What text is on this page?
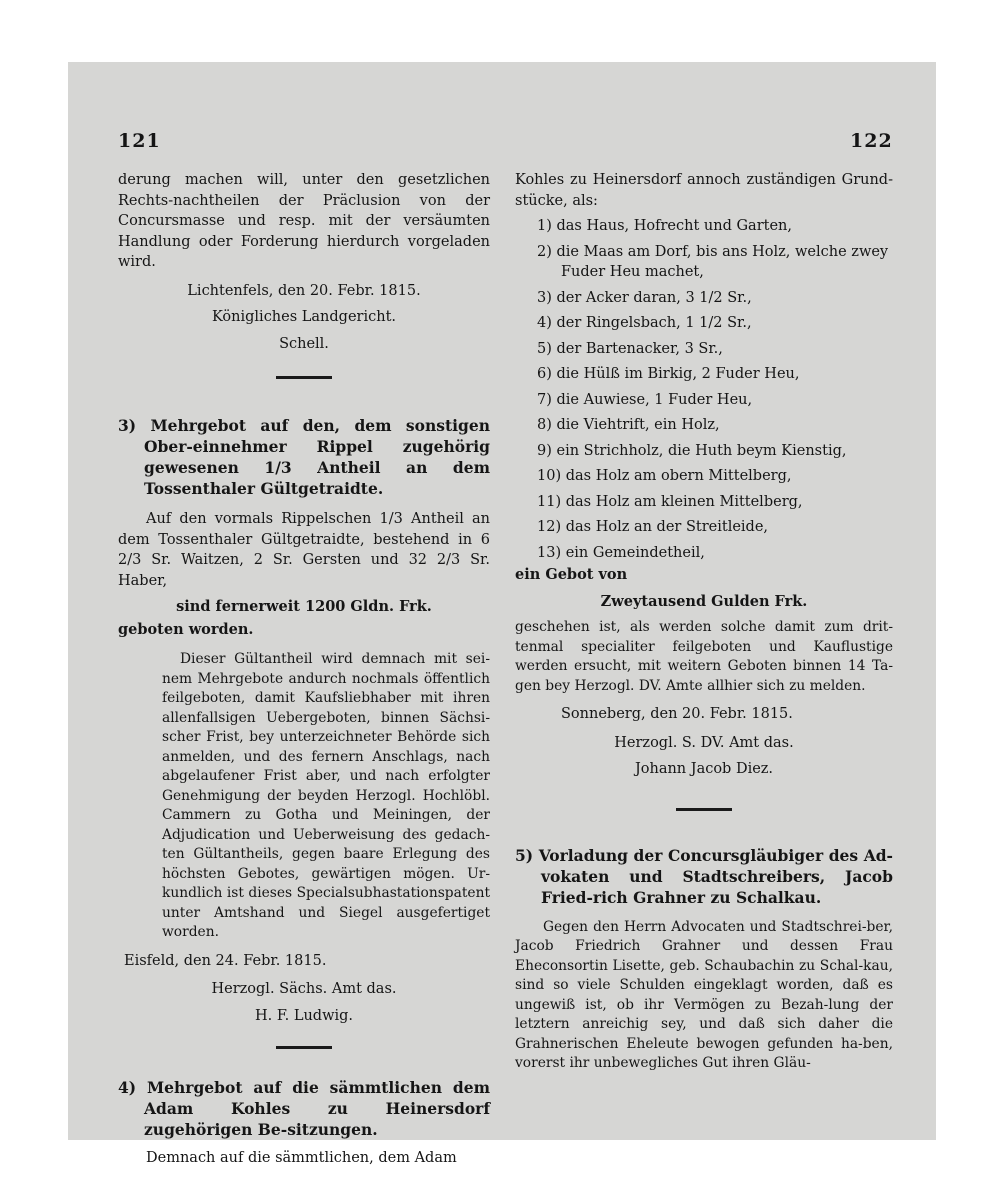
121	122

derung machen will, unter den gesetzlichen Rechts-nachtheilen der Präclusion von der Concursmasse und resp. mit der versäumten Handlung oder Forderung hierdurch vorgeladen wird.

Lichtenfels, den 20. Febr. 1815.

Königliches Landgericht.

Schell.

3) Mehrgebot auf den, dem sonstigen Ober-einnehmer Rippel zugehörig gewesenen 1/3 Antheil an dem Tossenthaler Gültgetraidte.

Auf den vormals Rippelschen 1/3 Antheil an dem Tossenthaler Gültgetraidte, bestehend in 6 2/3 Sr. Waitzen, 2 Sr. Gersten und 32 2/3 Sr. Haber,

sind fernerweit 1200 Gldn. Frk.

geboten worden.

Dieser Gültantheil wird demnach mit sei-nem Mehrgebote andurch nochmals öffentlich feilgeboten, damit Kaufsliebhaber mit ihren allenfallsigen Uebergeboten, binnen Sächsi-scher Frist, bey unterzeichneter Behörde sich anmelden, und des fernern Anschlags, nach abgelaufener Frist aber, und nach erfolgter Genehmigung der beyden Herzogl. Hochlöbl. Cammern zu Gotha und Meiningen, der Adjudication und Ueberweisung des gedach-ten Gültantheils, gegen baare Erlegung des höchsten Gebotes, gewärtigen mögen. Ur-kundlich ist dieses Specialsubhastationspatent unter Amtshand und Siegel ausgefertiget worden.

Eisfeld, den 24. Febr. 1815.

Herzogl. Sächs. Amt das.

H. F. Ludwig.

4) Mehrgebot auf die sämmtlichen dem Adam Kohles zu Heinersdorf zugehörigen Be-sitzungen.

Demnach auf die sämmtlichen, dem Adam

Kohles zu Heinersdorf annoch zuständigen Grund-stücke, als:

1) das Haus, Hofrecht und Garten,

2) die Maas am Dorf, bis ans Holz, welche zwey Fuder Heu machet,

3) der Acker daran, 3 1/2 Sr.,

4) der Ringelsbach, 1 1/2 Sr.,

5) der Bartenacker, 3 Sr.,

6) die Hülß im Birkig, 2 Fuder Heu,

7) die Auwiese, 1 Fuder Heu,

8) die Viehtrift, ein Holz,

9) ein Strichholz, die Huth beym Kienstig,

10) das Holz am obern Mittelberg,

11) das Holz am kleinen Mittelberg,

12) das Holz an der Streitleide,

13) ein Gemeindetheil,

ein Gebot von

Zweytausend Gulden Frk.

geschehen ist, als werden solche damit zum drit-tenmal specialiter feilgeboten und Kauflustige werden ersucht, mit weitern Geboten binnen 14 Ta-gen bey Herzogl. DV. Amte allhier sich zu melden.

Sonneberg, den 20. Febr. 1815.

Herzogl. S. DV. Amt das.

Johann Jacob Diez.

5) Vorladung der Concursgläubiger des Ad-vokaten und Stadtschreibers, Jacob Fried-rich Grahner zu Schalkau.

Gegen den Herrn Advocaten und Stadtschrei-ber, Jacob Friedrich Grahner und dessen Frau Eheconsortin Lisette, geb. Schaubachin zu Schal-kau, sind so viele Schulden eingeklagt worden, daß es ungewiß ist, ob ihr Vermögen zu Bezah-lung der letztern anreichig sey, und daß sich daher die Grahnerischen Eheleute bewogen gefunden ha-ben, vorerst ihr unbewegliches Gut ihren Gläu-
